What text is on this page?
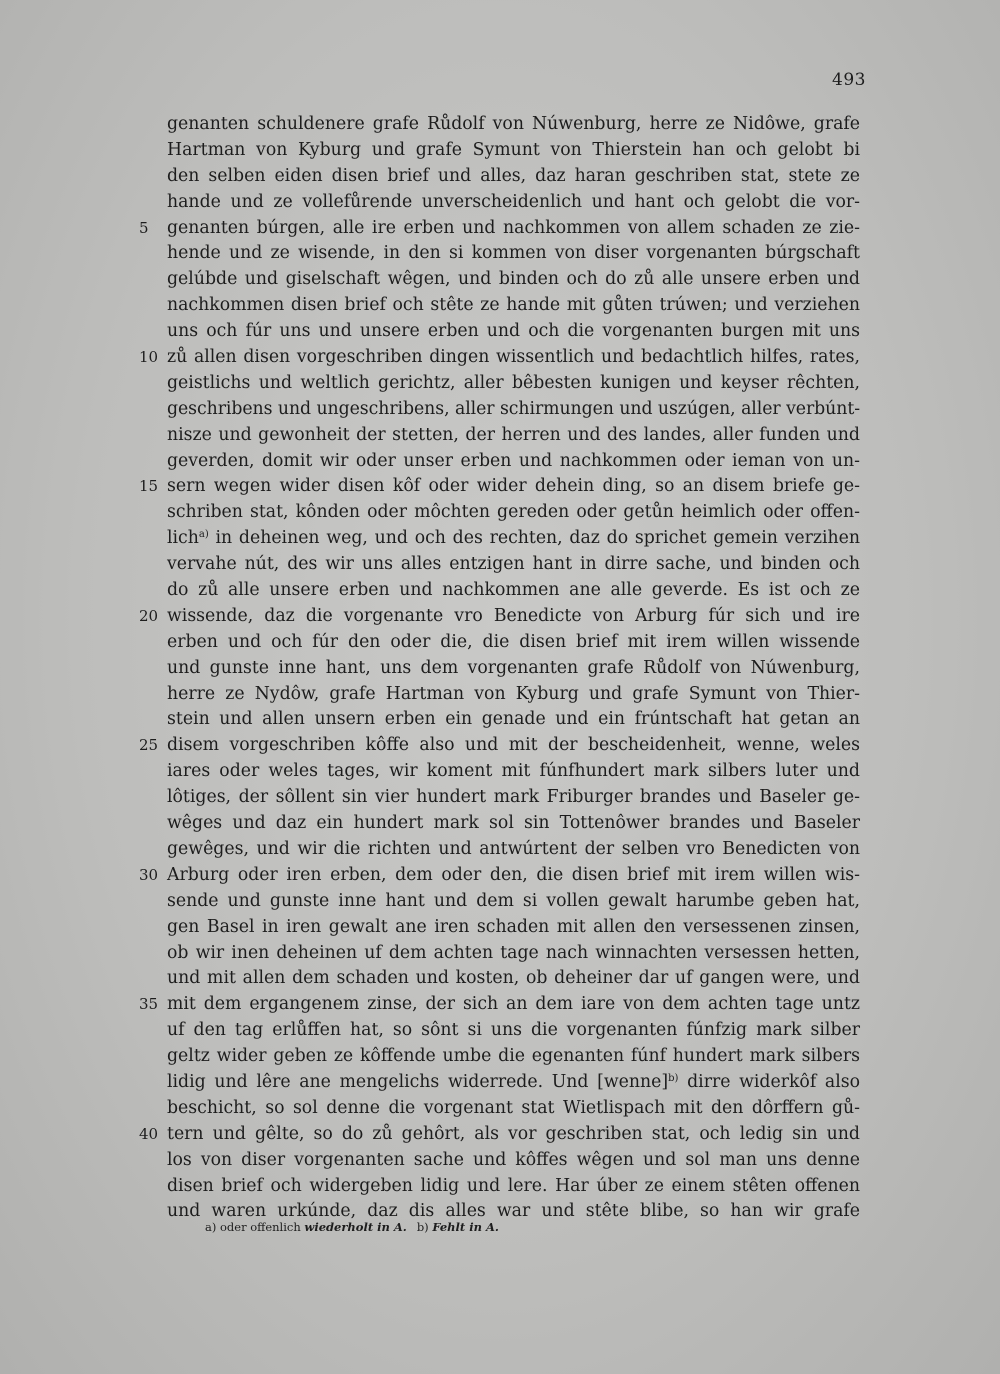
493
genanten schuldenere grafe Růdolf von Núwenburg, herre ze Nidôwe, grafe
Hartman von Kyburg und grafe Symunt von Thierstein han och gelobt bi
den selben eiden disen brief und alles, daz haran geschriben stat, stete ze
hande und ze vollefůrende unverscheidenlich und hant och gelobt die vor-
5	genanten búrgen, alle ire erben und nachkommen von allem schaden ze zie-
hende und ze wisende, in den si kommen von diser vorgenanten búrgschaft
gelúbde und giselschaft wêgen, und binden och do zů alle unsere erben und
nachkommen disen brief och stête ze hande mit gůten trúwen; und verziehen
uns och fúr uns und unsere erben und och die vorgenanten burgen mit uns
10 zů allen disen vorgeschriben dingen wissentlich und bedachtlich hilfes, rates,
geistlichs und weltlich gerichtz, aller bêbesten kunigen und keyser rêchten,
geschribens und ungeschribens, aller schirmungen und uszúgen, aller verbúnt-
nisze und gewonheit der stetten, der herren und des landes, aller funden und
geverden, domit wir oder unser erben und nachkommen oder ieman von un-
15 sern wegen wider disen kôf oder wider dehein ding, so an disem briefe ge-
schriben stat, kônden oder môchten gereden oder getůn heimlich oder offen-
lich$^{a)}$ in deheinen weg, und och des rechten, daz do sprichet gemein verzihen
vervahe nút, des wir uns alles entzigen hant in dirre sache, und binden och
do zů alle unsere erben und nachkommen ane alle geverde. Es ist och ze
20 wissende, daz die vorgenante vro Benedicte von Arburg fúr sich und ire
erben und och fúr den oder die, die disen brief mit irem willen wissende
und gunste inne hant, uns dem vorgenanten grafe Růdolf von Núwenburg,
herre ze Nydôw, grafe Hartman von Kyburg und grafe Symunt von Thier-
stein und allen unsern erben ein genade und ein frúntschaft hat getan an
25 disem vorgeschriben kôffe also und mit der bescheidenheit, wenne, weles
iares oder weles tages, wir koment mit fúnfhundert mark silbers luter und
lôtiges, der sôllent sin vier hundert mark Friburger brandes und Baseler ge-
wêges und daz ein hundert mark sol sin Tottenôwer brandes und Baseler
gewêges, und wir die richten und antwúrtent der selben vro Benedicten von
30 Arburg oder iren erben, dem oder den, die disen brief mit irem willen wis-
sende und gunste inne hant und dem si vollen gewalt harumbe geben hat,
gen Basel in iren gewalt ane iren schaden mit allen den versessenen zinsen,
ob wir inen deheinen uf dem achten tage nach winnachten versessen hetten,
und mit allen dem schaden und kosten, ob deheiner dar uf gangen were, und
35 mit dem ergangenem zinse, der sich an dem iare von dem achten tage untz
uf den tag erlůffen hat, so sônt si uns die vorgenanten fúnfzig mark silber
geltz wider geben ze kôffende umbe die egenanten fúnf hundert mark silbers
lidig und lêre ane mengelichs widerrede. Und [wenne]$^{b)}$ dirre widerkôf also
beschicht, so sol denne die vorgenant stat Wietlispach mit den dôrffern gů-
40 tern und gêlte, so do zů gehôrt, als vor geschriben stat, och ledig sin und
los von diser vorgenanten sache und kôffes wêgen und sol man uns denne
disen brief och widergeben lidig und lere. Har úber ze einem stêten offenen
und waren urkúnde, daz dis alles war und stête blibe, so han wir grafe
a) oder offenlich wiederholt in A. b) Fehlt in A.
